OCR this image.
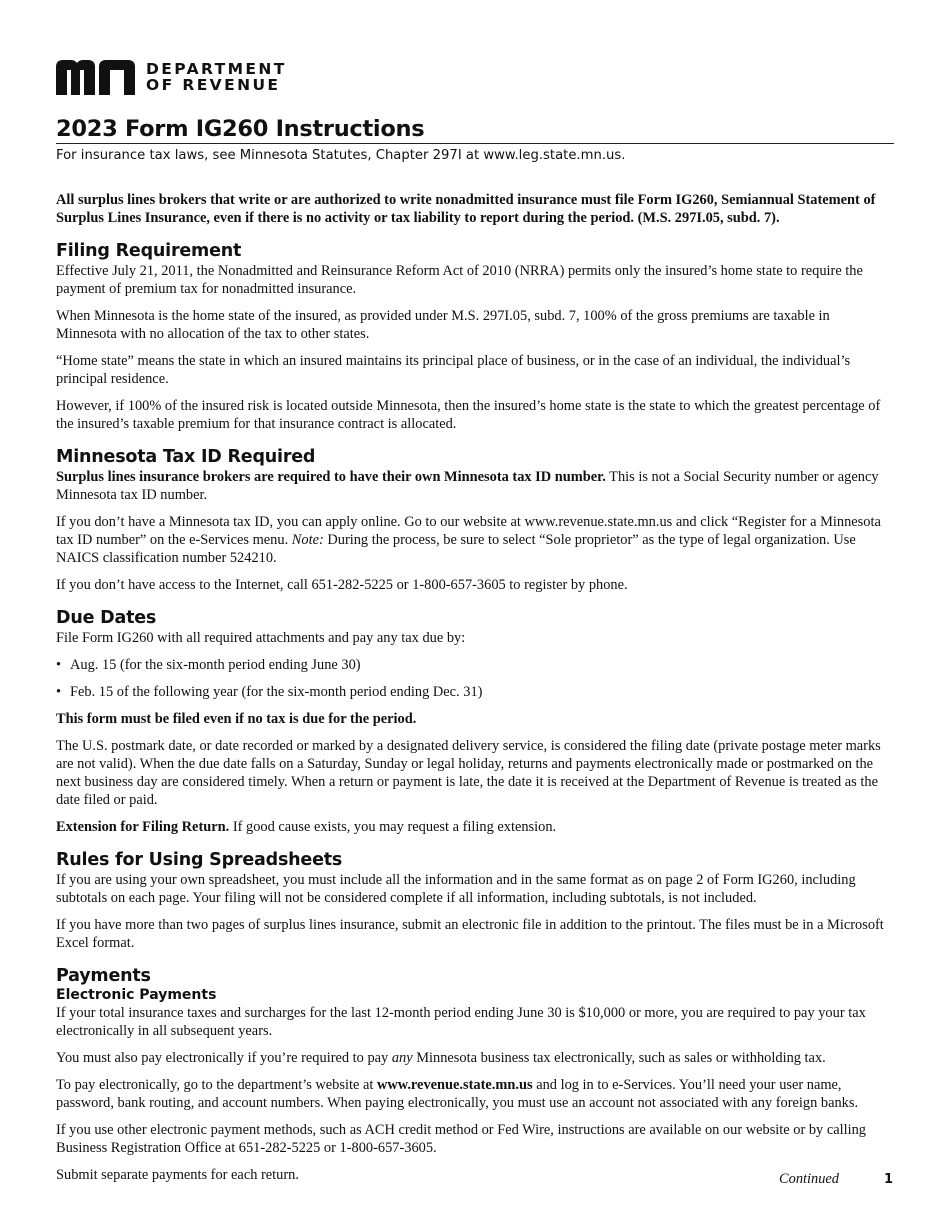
DEPARTMENT
OF REVENUE
2023 Form IG260 Instructions
For insurance tax laws, see Minnesota Statutes, Chapter 297I at www.leg.state.mn.us.

All surplus lines brokers that write or are authorized to write nonadmitted insurance must file Form IG260, Semiannual Statement of Surplus Lines Insurance, even if there is no activity or tax liability to report during the period. (M.S. 297I.05, subd. 7).

Filing Requirement

Effective July 21, 2011, the Nonadmitted and Reinsurance Reform Act of 2010 (NRRA) permits only the insured’s home state to require the payment of premium tax for nonadmitted insurance.

When Minnesota is the home state of the insured, as provided under M.S. 297I.05, subd. 7, 100% of the gross premiums are taxable in Minnesota with no allocation of the tax to other states.

“Home state” means the state in which an insured maintains its principal place of business, or in the case of an individual, the individual’s principal residence.

However, if 100% of the insured risk is located outside Minnesota, then the insured’s home state is the state to which the greatest percentage of the insured’s taxable premium for that insurance contract is allocated.

Minnesota Tax ID Required

Surplus lines insurance brokers are required to have their own Minnesota tax ID number. This is not a Social Security number or agency Minnesota tax ID number.

If you don’t have a Minnesota tax ID, you can apply online. Go to our website at www.revenue.state.mn.us and click “Register for a Minnesota tax ID number” on the e-Services menu. Note: During the process, be sure to select “Sole proprietor” as the type of legal organization. Use NAICS classification number 524210.

If you don’t have access to the Internet, call 651-282-5225 or 1-800-657-3605 to register by phone.

Due Dates

File Form IG260 with all required attachments and pay any tax due by:

• Aug. 15 (for the six-month period ending June 30)
• Feb. 15 of the following year (for the six-month period ending Dec. 31)

This form must be filed even if no tax is due for the period.

The U.S. postmark date, or date recorded or marked by a designated delivery service, is considered the filing date (private postage meter marks are not valid). When the due date falls on a Saturday, Sunday or legal holiday, returns and payments electronically made or postmarked on the next business day are considered timely. When a return or payment is late, the date it is received at the Department of Revenue is treated as the date filed or paid.

Extension for Filing Return. If good cause exists, you may request a filing extension.

Rules for Using Spreadsheets

If you are using your own spreadsheet, you must include all the information and in the same format as on page 2 of Form IG260, including subtotals on each page. Your filing will not be considered complete if all information, including subtotals, is not included.

If you have more than two pages of surplus lines insurance, submit an electronic file in addition to the printout. The files must be in a Microsoft Excel format.

Payments
Electronic Payments

If your total insurance taxes and surcharges for the last 12-month period ending June 30 is $10,000 or more, you are required to pay your tax electronically in all subsequent years.

You must also pay electronically if you’re required to pay any Minnesota business tax electronically, such as sales or withholding tax.

To pay electronically, go to the department’s website at www.revenue.state.mn.us and log in to e-Services. You’ll need your user name, password, bank routing, and account numbers. When paying electronically, you must use an account not associated with any foreign banks.

If you use other electronic payment methods, such as ACH credit method or Fed Wire, instructions are available on our website or by calling Business Registration Office at 651-282-5225 or 1-800-657-3605.

Submit separate payments for each return.	Continued	1
